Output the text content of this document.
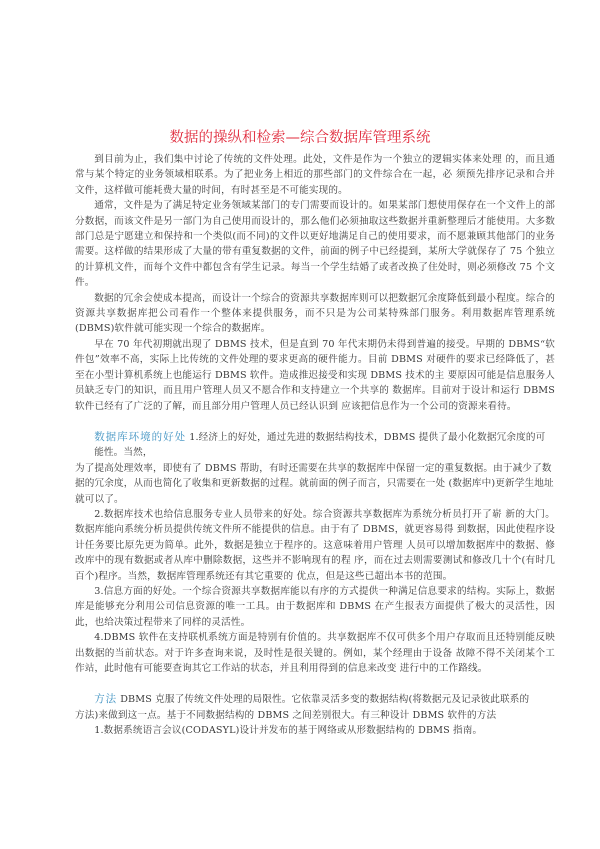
数据的操纵和检索—综合数据库管理系统

到目前为止，我们集中讨论了传统的文件处理。此处，文件是作为一个独立的逻辑实体来处理 的，而且通常与某个特定的业务领域相联系。为了把业务上相近的那些部门的文件综合在一起，必 须预先排序记录和合并文件，这样做可能耗费大量的时间，有时甚至是不可能实现的。

通常，文件是为了满足特定业务领域某部门的专门需要而设计的。如果某部门想使用保存在一个文件上的部分数据，而该文件是另一部门为自己使用而设计的，那么他们必须抽取这些数据并重新整理后才能使用。大多数部门总是宁愿建立和保持和一个类似(而不同)的文件以更好地满足自己的使用要求，而不愿兼顾其他部门的业务需要。这样做的结果形成了大量的带有重复数据的文件，前面的例子中已经提到，某所大学就保存了 75 个独立的计算机文件，而每个文件中都包含有学生记录。每当一个学生结婚了或者改换了住处时，则必须修改 75 个文件。

数据的冗余会使成本提高，而设计一个综合的资源共享数据库则可以把数据冗余度降低到最小程度。综合的资源共享数据库把公司看作一个整体来提供服务，而不只是为公司某特殊部门服务。利用数据库管理系统(DBMS)软件就可能实现一个综合的数据库。

早在 70 年代初期就出现了 DBMS 技术，但是直到 70 年代末期仍未得到普遍的接受。早期的 DBMS“软件包”效率不高，实际上比传统的文件处理的要求更高的硬件能力。目前 DBMS 对硬件的要求已经降低了，甚至在小型计算机系统上也能运行 DBMS 软件。造成推迟接受和实现 DBMS 技术的主 要原因可能是信息服务人员缺乏专门的知识，而且用户管理人员又不愿合作和支持建立一个共享的 数据库。目前对于设计和运行 DBMS 软件已经有了广泛的了解，而且部分用户管理人员已经认识到 应该把信息作为一个公司的资源来看待。

数据库环境的好处 1.经济上的好处，通过先进的数据结构技术，DBMS 提供了最小化数据冗余度的可能性。当然，

为了提高处理效率，即使有了 DBMS 帮助，有时还需要在共享的数据库中保留一定的重复数据。由于减少了数据的冗余度，从而也简化了收集和更新数据的过程。就前面的例子而言，只需要在一处 (数据库中)更新学生地址就可以了。

2.数据库技术也给信息服务专业人员带来的好处。综合资源共享数据库为系统分析员打开了崭 新的大门。数据库能向系统分析员提供传统文件所不能提供的信息。由于有了 DBMS，就更容易得 到数据，因此使程序设计任务要比原先更为简单。此外，数据是独立于程序的。这意味着用户管理 人员可以增加数据库中的数据、修改库中的现有数据或者从库中删除数据，这些并不影响现有的程 序，而在过去则需要测试和修改几十个(有时几百个)程序。当然，数据库管理系统还有其它重要的 优点，但是这些已超出本书的范围。

3.信息方面的好处。一个综合资源共享数据库能以有序的方式提供一种满足信息要求的结构。实际上，数据库是能够充分利用公司信息资源的唯一工具。由于数据库和 DBMS 在产生报表方面提供了极大的灵活性，因此，也给决策过程带来了同样的灵活性。

4.DBMS 软件在支持联机系统方面是特别有价值的。共享数据库不仅可供多个用户存取而且还特别能反映出数据的当前状态。对于许多查询来说，及时性是很关键的。例如，某个经理由于设备 故障不得不关闭某个工作站，此时他有可能要查询其它工作站的状态，并且利用得到的信息来改变 进行中的工作路线。

方法 DBMS 克服了传统文件处理的局限性。它依靠灵活多变的数据结构(将数据元及记录彼此联系的

方法)来做到这一点。基于不同数据结构的 DBMS 之间差别很大。有三种设计 DBMS 软件的方法

1.数据系统语言会议(CODASYL)设计并发布的基于网络或从形数据结构的 DBMS 指南。
